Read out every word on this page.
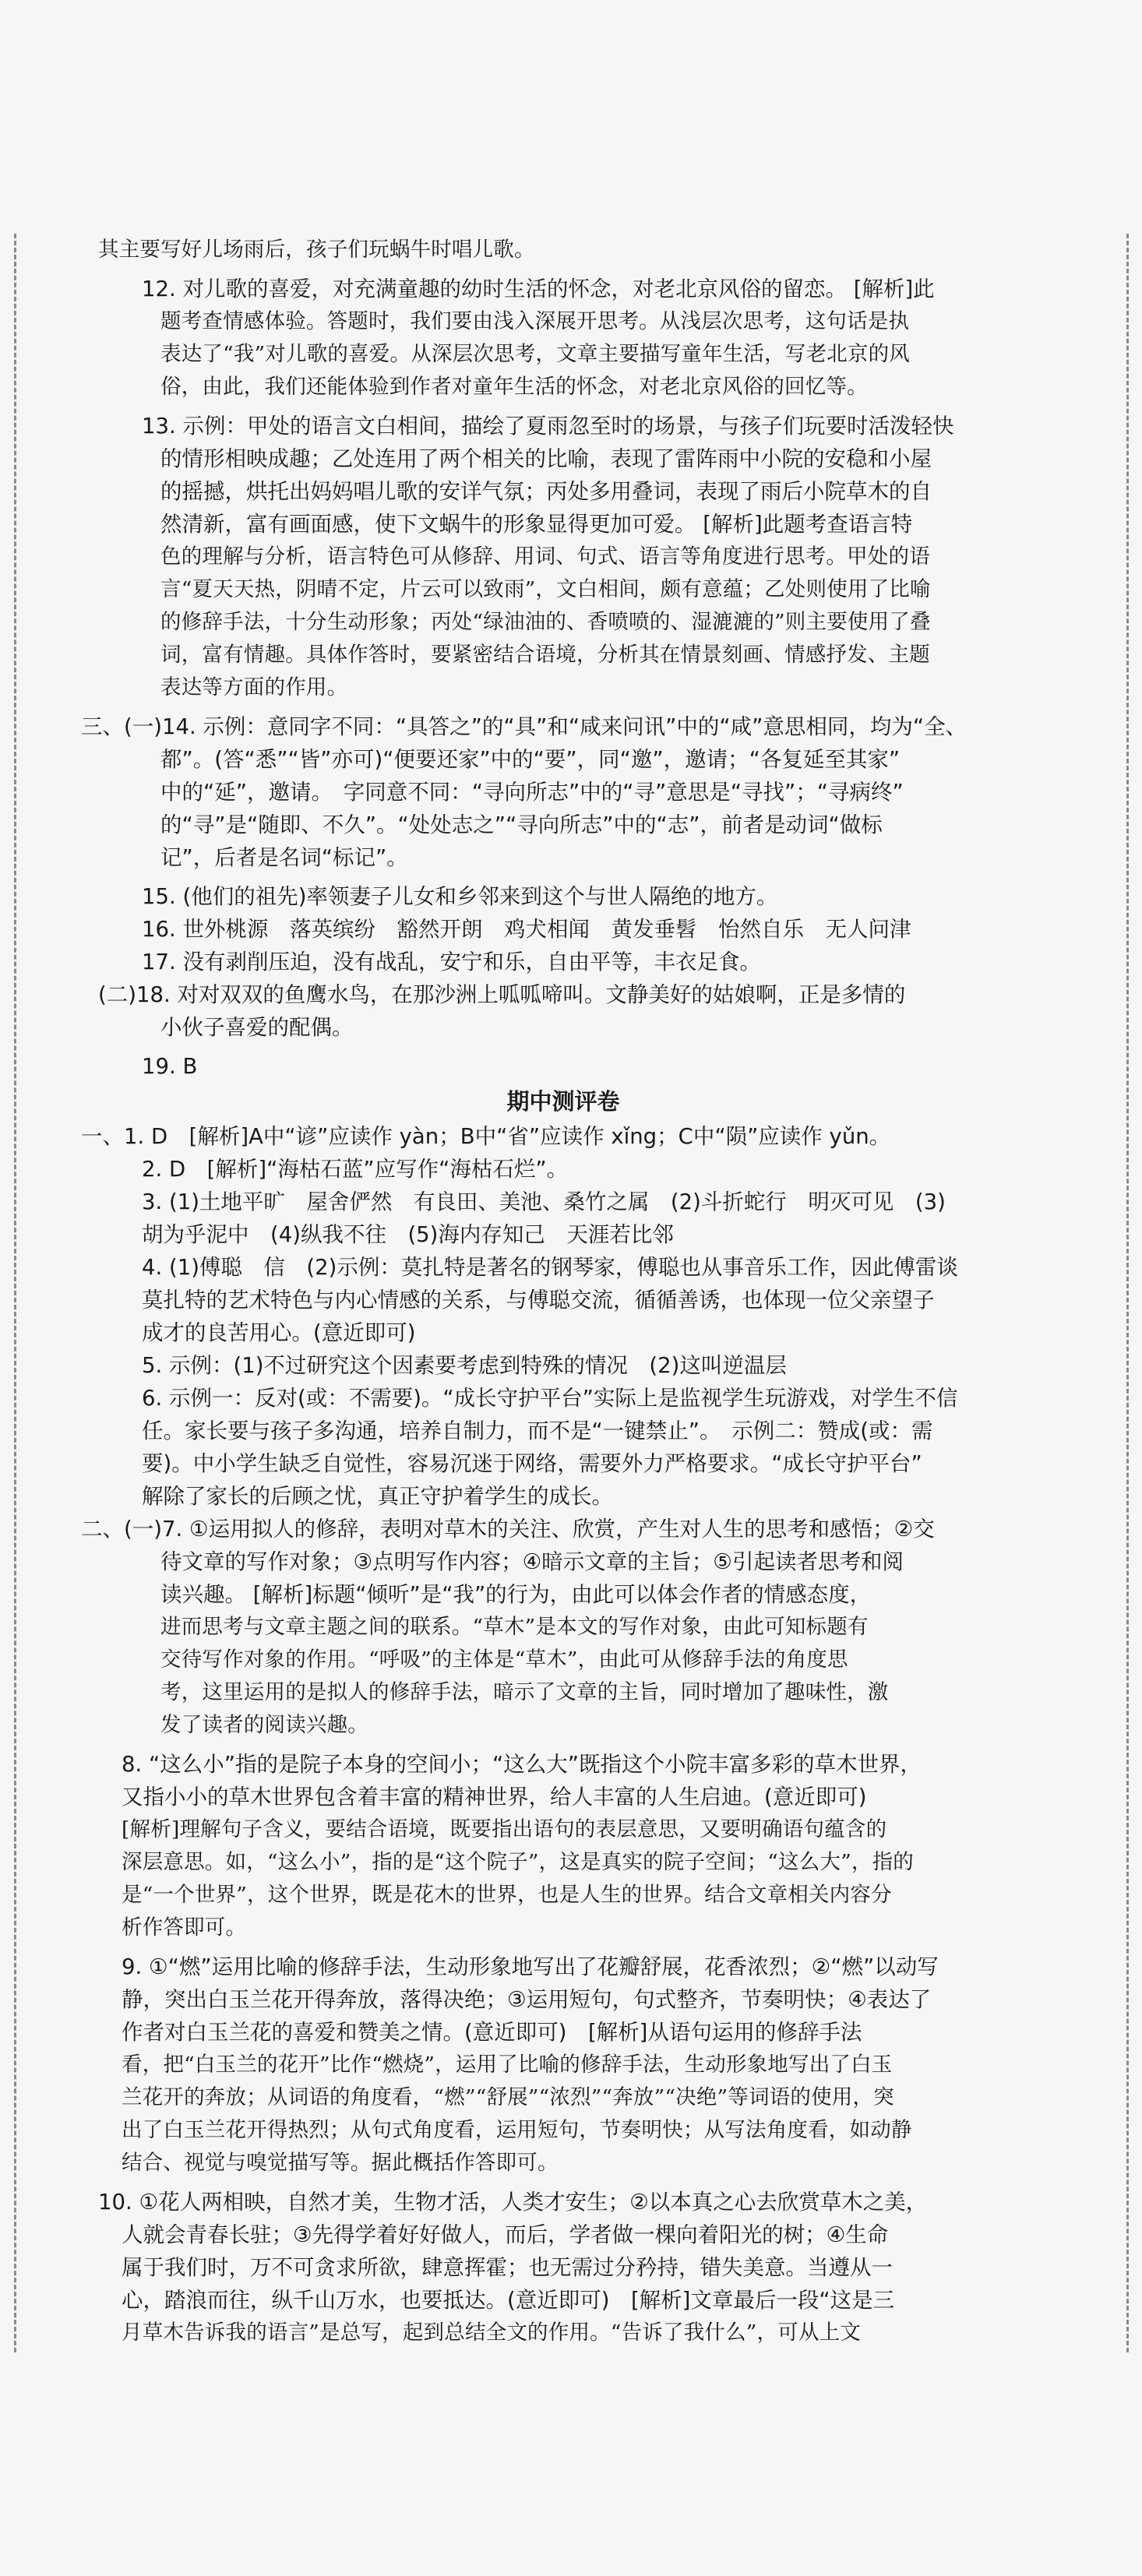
其主要写好儿场雨后，孩子们玩蜗牛时唱儿歌。
12. 对儿歌的喜爱，对充满童趣的幼时生活的怀念，对老北京风俗的留恋。 [解析]此
题考查情感体验。答题时，我们要由浅入深展开思考。从浅层次思考，这句话是执
表达了“我”对儿歌的喜爱。从深层次思考，文章主要描写童年生活，写老北京的风
俗，由此，我们还能体验到作者对童年生活的怀念，对老北京风俗的回忆等。
13. 示例：甲处的语言文白相间，描绘了夏雨忽至时的场景，与孩子们玩要时活泼轻快
的情形相映成趣；乙处连用了两个相关的比喻，表现了雷阵雨中小院的安稳和小屋
的摇撼，烘托出妈妈唱儿歌的安详气氛；丙处多用叠词，表现了雨后小院草木的自
然清新，富有画面感，使下文蜗牛的形象显得更加可爱。 [解析]此题考查语言特
色的理解与分析，语言特色可从修辞、用词、句式、语言等角度进行思考。甲处的语
言“夏天天热，阴晴不定，片云可以致雨”，文白相间，颇有意蕴；乙处则使用了比喻
的修辞手法，十分生动形象；丙处“绿油油的、香喷喷的、湿漉漉的”则主要使用了叠
词，富有情趣。具体作答时，要紧密结合语境，分析其在情景刻画、情感抒发、主题
表达等方面的作用。
三、(一)14. 示例：意同字不同：“具答之”的“具”和“咸来问讯”中的“咸”意思相同，均为“全、
都”。(答“悉”“皆”亦可)“便要还家”中的“要”，同“邀”，邀请；“各复延至其家”
中的“延”，邀请。　字同意不同：“寻向所志”中的“寻”意思是“寻找”；“寻病终”
的“寻”是“随即、不久”。“处处志之”“寻向所志”中的“志”，前者是动词“做标
记”，后者是名词“标记”。
15. (他们的祖先)率领妻子儿女和乡邻来到这个与世人隔绝的地方。
16. 世外桃源　落英缤纷　豁然开朗　鸡犬相闻　黄发垂髫　怡然自乐　无人问津
17. 没有剥削压迫，没有战乱，安宁和乐，自由平等，丰衣足食。
(二)18. 对对双双的鱼鹰水鸟，在那沙洲上呱呱啼叫。文静美好的姑娘啊，正是多情的
小伙子喜爱的配偶。
19. B
期中测评卷
一、1. D　[解析]A中“谚”应读作 yàn；B中“省”应读作 xǐng；C中“陨”应读作 yǔn。
2. D　[解析]“海枯石蓝”应写作“海枯石烂”。
3. (1)土地平旷　屋舍俨然　有良田、美池、桑竹之属　(2)斗折蛇行　明灭可见　(3)
胡为乎泥中　(4)纵我不往　(5)海内存知己　天涯若比邻
4. (1)傅聪　信　(2)示例：莫扎特是著名的钢琴家，傅聪也从事音乐工作，因此傅雷谈
莫扎特的艺术特色与内心情感的关系，与傅聪交流，循循善诱，也体现一位父亲望子
成才的良苦用心。(意近即可)
5. 示例：(1)不过研究这个因素要考虑到特殊的情况　(2)这叫逆温层
6. 示例一：反对(或：不需要)。“成长守护平台”实际上是监视学生玩游戏，对学生不信
任。家长要与孩子多沟通，培养自制力，而不是“一键禁止”。　示例二：赞成(或：需
要)。中小学生缺乏自觉性，容易沉迷于网络，需要外力严格要求。“成长守护平台”
解除了家长的后顾之忧，真正守护着学生的成长。
二、(一)7. ①运用拟人的修辞，表明对草木的关注、欣赏，产生对人生的思考和感悟；②交
待文章的写作对象；③点明写作内容；④暗示文章的主旨；⑤引起读者思考和阅
读兴趣。 [解析]标题“倾听”是“我”的行为，由此可以体会作者的情感态度，
进而思考与文章主题之间的联系。“草木”是本文的写作对象，由此可知标题有
交待写作对象的作用。“呼吸”的主体是“草木”，由此可从修辞手法的角度思
考，这里运用的是拟人的修辞手法，暗示了文章的主旨，同时增加了趣味性，激
发了读者的阅读兴趣。
8. “这么小”指的是院子本身的空间小；“这么大”既指这个小院丰富多彩的草木世界，
又指小小的草木世界包含着丰富的精神世界，给人丰富的人生启迪。(意近即可)
[解析]理解句子含义，要结合语境，既要指出语句的表层意思，又要明确语句蕴含的
深层意思。如，“这么小”，指的是“这个院子”，这是真实的院子空间；“这么大”，指的
是“一个世界”，这个世界，既是花木的世界，也是人生的世界。结合文章相关内容分
析作答即可。
9. ①“燃”运用比喻的修辞手法，生动形象地写出了花瓣舒展，花香浓烈；②“燃”以动写
静，突出白玉兰花开得奔放，落得决绝；③运用短句，句式整齐，节奏明快；④表达了
作者对白玉兰花的喜爱和赞美之情。(意近即可)　[解析]从语句运用的修辞手法
看，把“白玉兰的花开”比作“燃烧”，运用了比喻的修辞手法，生动形象地写出了白玉
兰花开的奔放；从词语的角度看，“燃”“舒展”“浓烈”“奔放”“决绝”等词语的使用，突
出了白玉兰花开得热烈；从句式角度看，运用短句，节奏明快；从写法角度看，如动静
结合、视觉与嗅觉描写等。据此概括作答即可。
10. ①花人两相映，自然才美，生物才活，人类才安生；②以本真之心去欣赏草木之美，
人就会青春长驻；③先得学着好好做人，而后，学者做一棵向着阳光的树；④生命
属于我们时，万不可贪求所欲，肆意挥霍；也无需过分矜持，错失美意。当遵从一
心，踏浪而往，纵千山万水，也要抵达。(意近即可)　[解析]文章最后一段“这是三
月草木告诉我的语言”是总写，起到总结全文的作用。“告诉了我什么”，可从上文
